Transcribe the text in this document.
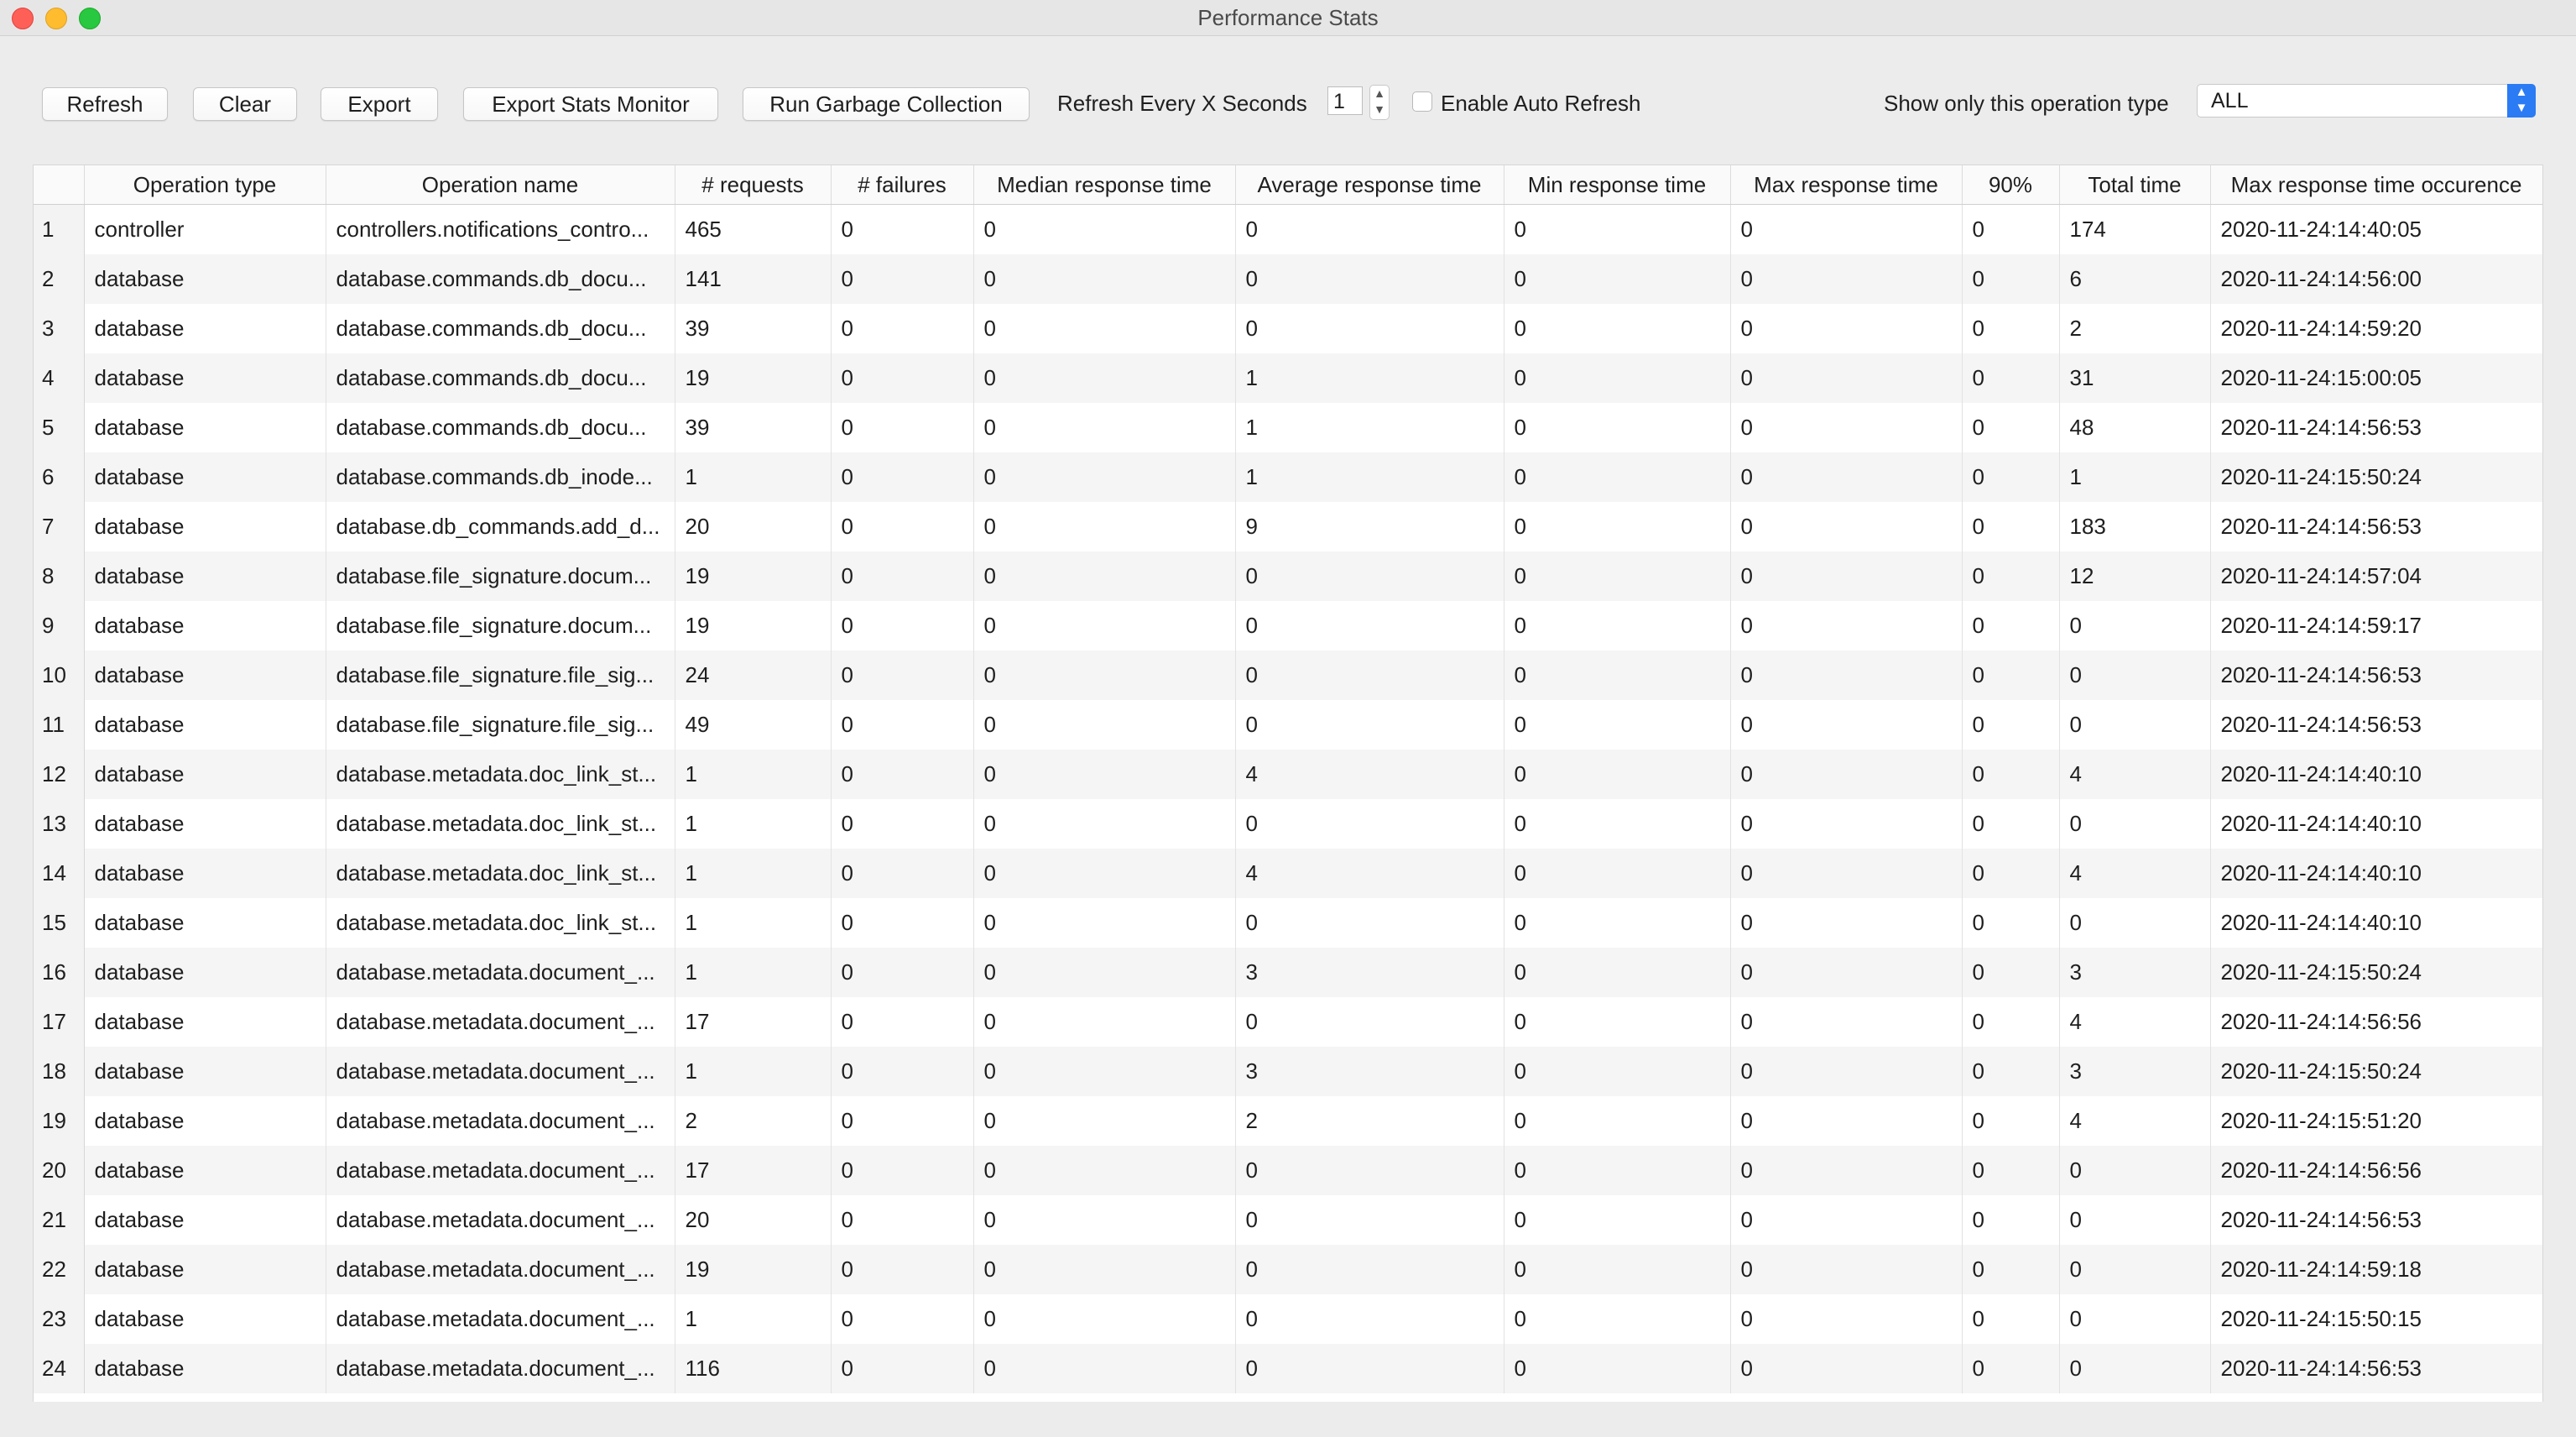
Performance Stats
Refresh	Clear	Export	Export Stats Monitor	Run Garbage Collection	Refresh Every X Seconds 1	▲
▼	Enable Auto Refresh	Show only this operation type	ALL	▲
▼
	Operation type	Operation name	# requests	# failures	Median response time	Average response time	Min response time	Max response time	90%	Total time	Max response time occurence
1	controller	controllers.notifications_contro...	465	0	0	0	0	0	0	174	2020-11-24:14:40:05
2	database	database.commands.db_docu...	141	0	0	0	0	0	0	6	2020-11-24:14:56:00
3	database	database.commands.db_docu...	39	0	0	0	0	0	0	2	2020-11-24:14:59:20
4	database	database.commands.db_docu...	19	0	0	1	0	0	0	31	2020-11-24:15:00:05
5	database	database.commands.db_docu...	39	0	0	1	0	0	0	48	2020-11-24:14:56:53
6	database	database.commands.db_inode...	1	0	0	1	0	0	0	1	2020-11-24:15:50:24
7	database	database.db_commands.add_d...	20	0	0	9	0	0	0	183	2020-11-24:14:56:53
8	database	database.file_signature.docum...	19	0	0	0	0	0	0	12	2020-11-24:14:57:04
9	database	database.file_signature.docum...	19	0	0	0	0	0	0	0	2020-11-24:14:59:17
10	database	database.file_signature.file_sig...	24	0	0	0	0	0	0	0	2020-11-24:14:56:53
11	database	database.file_signature.file_sig...	49	0	0	0	0	0	0	0	2020-11-24:14:56:53
12	database	database.metadata.doc_link_st...	1	0	0	4	0	0	0	4	2020-11-24:14:40:10
13	database	database.metadata.doc_link_st...	1	0	0	0	0	0	0	0	2020-11-24:14:40:10
14	database	database.metadata.doc_link_st...	1	0	0	4	0	0	0	4	2020-11-24:14:40:10
15	database	database.metadata.doc_link_st...	1	0	0	0	0	0	0	0	2020-11-24:14:40:10
16	database	database.metadata.document_...	1	0	0	3	0	0	0	3	2020-11-24:15:50:24
17	database	database.metadata.document_...	17	0	0	0	0	0	0	4	2020-11-24:14:56:56
18	database	database.metadata.document_...	1	0	0	3	0	0	0	3	2020-11-24:15:50:24
19	database	database.metadata.document_...	2	0	0	2	0	0	0	4	2020-11-24:15:51:20
20	database	database.metadata.document_...	17	0	0	0	0	0	0	0	2020-11-24:14:56:56
21	database	database.metadata.document_...	20	0	0	0	0	0	0	0	2020-11-24:14:56:53
22	database	database.metadata.document_...	19	0	0	0	0	0	0	0	2020-11-24:14:59:18
23	database	database.metadata.document_...	1	0	0	0	0	0	0	0	2020-11-24:15:50:15
24	database	database.metadata.document_...	116	0	0	0	0	0	0	0	2020-11-24:14:56:53
